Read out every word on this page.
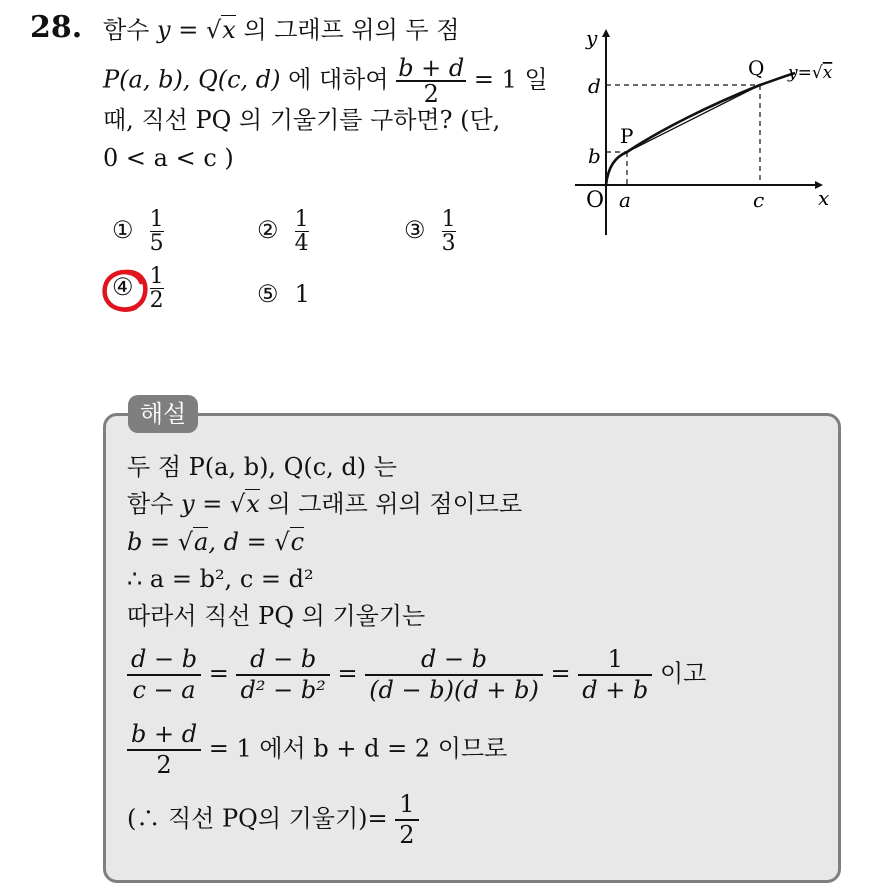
28. 함수 y = √x 의 그래프 위의 두 점
P(a, b), Q(c, d) 에 대하여 $\frac{b + d}{2} = 1$ 일
때, 직선 PQ 의 기울기를 구하면? (단,
0 < a < c )
① $\frac{1}{5}$	② $\frac{1}{4}$	③ $\frac{1}{3}$
④ $\frac{1}{2}$	⑤ 1
y
x
O a	c
b
d
P
Q y=√x
해설
두 점 P(a, b), Q(c, d) 는
함수 y = √x 의 그래프 위의 점이므로
b = √a, d = √c
∴ a = b², c = d²
따라서 직선 PQ 의 기울기는
$\frac{d - b}{c - a} = \frac{d - b}{\text{d² − b²}} = \frac{d - b}{(d - b)(d + b)} = \frac{1}{d + b}$ 이고
$\frac{b + d}{2} = 1$ 에서 b + d = 2 이므로
(∴ 직선 PQ의 기울기)= $\frac{1}{2}$
